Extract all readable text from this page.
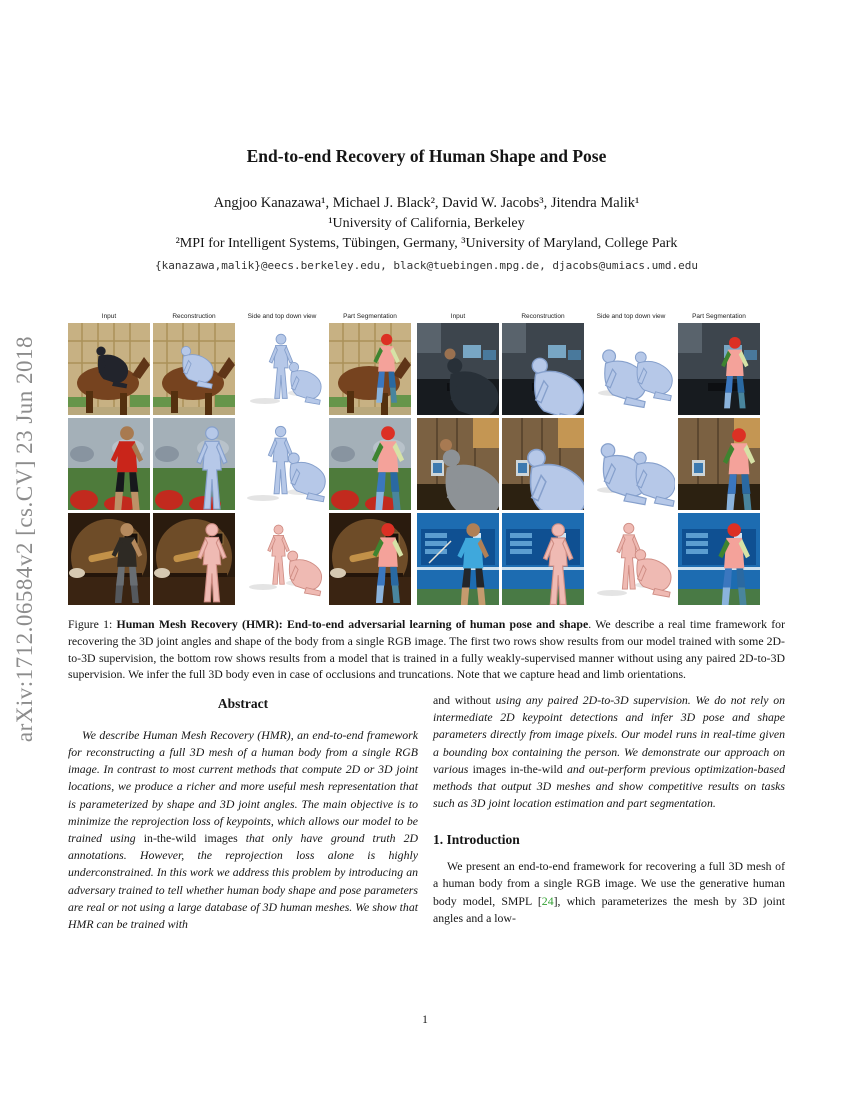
arXiv:1712.06584v2 [cs.CV] 23 Jun 2018
End-to-end Recovery of Human Shape and Pose
Angjoo Kanazawa¹, Michael J. Black², David W. Jacobs³, Jitendra Malik¹
¹University of California, Berkeley
²MPI for Intelligent Systems, Tübingen, Germany, ³University of Maryland, College Park
{kanazawa,malik}@eecs.berkeley.edu, black@tuebingen.mpg.de, djacobs@umiacs.umd.edu
Input	Reconstruction	Side and top down view	Part Segmentation	Input	Reconstruction	Side and top down view	Part Segmentation
Figure 1: Human Mesh Recovery (HMR): End-to-end adversarial learning of human pose and shape. We describe a real time framework for recovering the 3D joint angles and shape of the body from a single RGB image. The first two rows show results from our model trained with some 2D-to-3D supervision, the bottom row shows results from a model that is trained in a fully weakly-supervised manner without using any paired 2D-to-3D supervision. We infer the full 3D body even in case of occlusions and truncations. Note that we capture head and limb orientations.
Abstract

We describe Human Mesh Recovery (HMR), an end-to-end framework for reconstructing a full 3D mesh of a human body from a single RGB image. In contrast to most current methods that compute 2D or 3D joint locations, we produce a richer and more useful mesh representation that is parameterized by shape and 3D joint angles. The main objective is to minimize the reprojection loss of keypoints, which allows our model to be trained using in-the-wild images that only have ground truth 2D annotations. However, the reprojection loss alone is highly underconstrained. In this work we address this problem by introducing an adversary trained to tell whether human body shape and pose parameters are real or not using a large database of 3D human meshes. We show that HMR can be trained with

and without using any paired 2D-to-3D supervision. We do not rely on intermediate 2D keypoint detections and infer 3D pose and shape parameters directly from image pixels. Our model runs in real-time given a bounding box containing the person. We demonstrate our approach on various images in-the-wild and out-perform previous optimization-based methods that output 3D meshes and show competitive results on tasks such as 3D joint location estimation and part segmentation.

1. Introduction

We present an end-to-end framework for recovering a full 3D mesh of a human body from a single RGB image. We use the generative human body model, SMPL [24], which parameterizes the mesh by 3D joint angles and a low-

1
